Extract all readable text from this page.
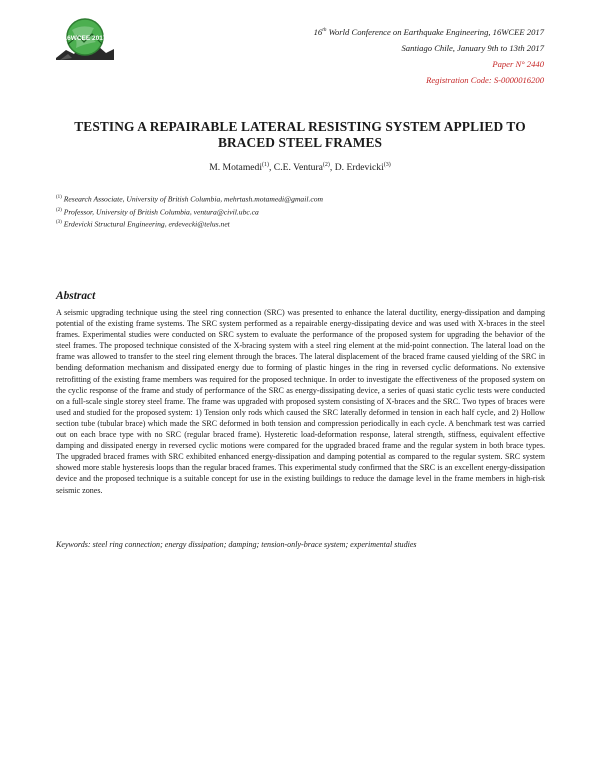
16WCEE 2017
16th World Conference on Earthquake Engineering, 16WCEE 2017
Santiago Chile, January 9th to 13th 2017
Paper N° 2440
Registration Code: S-0000016200
TESTING A REPAIRABLE LATERAL RESISTING SYSTEM APPLIED TO
BRACED STEEL FRAMES
M. Motamedi$^{(1)}$, C.E. Ventura$^{(2)}$, D. Erdevicki$^{(3)}$
$^{(1)}$ Research Associate, University of British Columbia, mehrtash.motamedi@gmail.com
$^{(2)}$ Professor, University of British Columbia, ventura@civil.ubc.ca
$^{(3)}$ Erdevicki Structural Engineering, erdevecki@telus.net
Abstract
A seismic upgrading technique using the steel ring connection (SRC) was presented to enhance the lateral ductility, energy-dissipation and damping potential of the existing frame systems. The SRC system performed as a repairable energy-dissipating device and was used with X-braces in the steel frames. Experimental studies were conducted on SRC system to evaluate the performance of the proposed system for upgrading the behavior of the steel frames. The proposed technique consisted of the X-bracing system with a steel ring element at the mid-point connection. The lateral load on the frame was allowed to transfer to the steel ring element through the braces. The lateral displacement of the braced frame caused yielding of the SRC in bending deformation mechanism and dissipated energy due to forming of plastic hinges in the ring in reversed cyclic deformations. No extensive retrofitting of the existing frame members was required for the proposed technique. In order to investigate the effectiveness of the proposed system on the cyclic response of the frame and study of performance of the SRC as energy-dissipating device, a series of quasi static cyclic tests were conducted on a full-scale single storey steel frame. The frame was upgraded with proposed system consisting of X-braces and the SRC. Two types of braces were used and studied for the proposed system: 1) Tension only rods which caused the SRC laterally deformed in tension in each half cycle, and 2) Hollow section tube (tubular brace) which made the SRC deformed in both tension and compression periodically in each cycle. A benchmark test was carried out on each brace type with no SRC (regular braced frame). Hysteretic load-deformation response, lateral strength, stiffness, equivalent effective damping and dissipated energy in reversed cyclic motions were compared for the upgraded braced frame and the regular system in both brace types. The upgraded braced frames with SRC exhibited enhanced energy-dissipation and damping potential as compared to the regular system. SRC system showed more stable hysteresis loops than the regular braced frames. This experimental study confirmed that the SRC is an excellent energy-dissipation device and the proposed technique is a suitable concept for use in the existing buildings to reduce the damage level in the frame members in high-risk seismic zones.
Keywords: steel ring connection; energy dissipation; damping; tension-only-brace system; experimental studies
